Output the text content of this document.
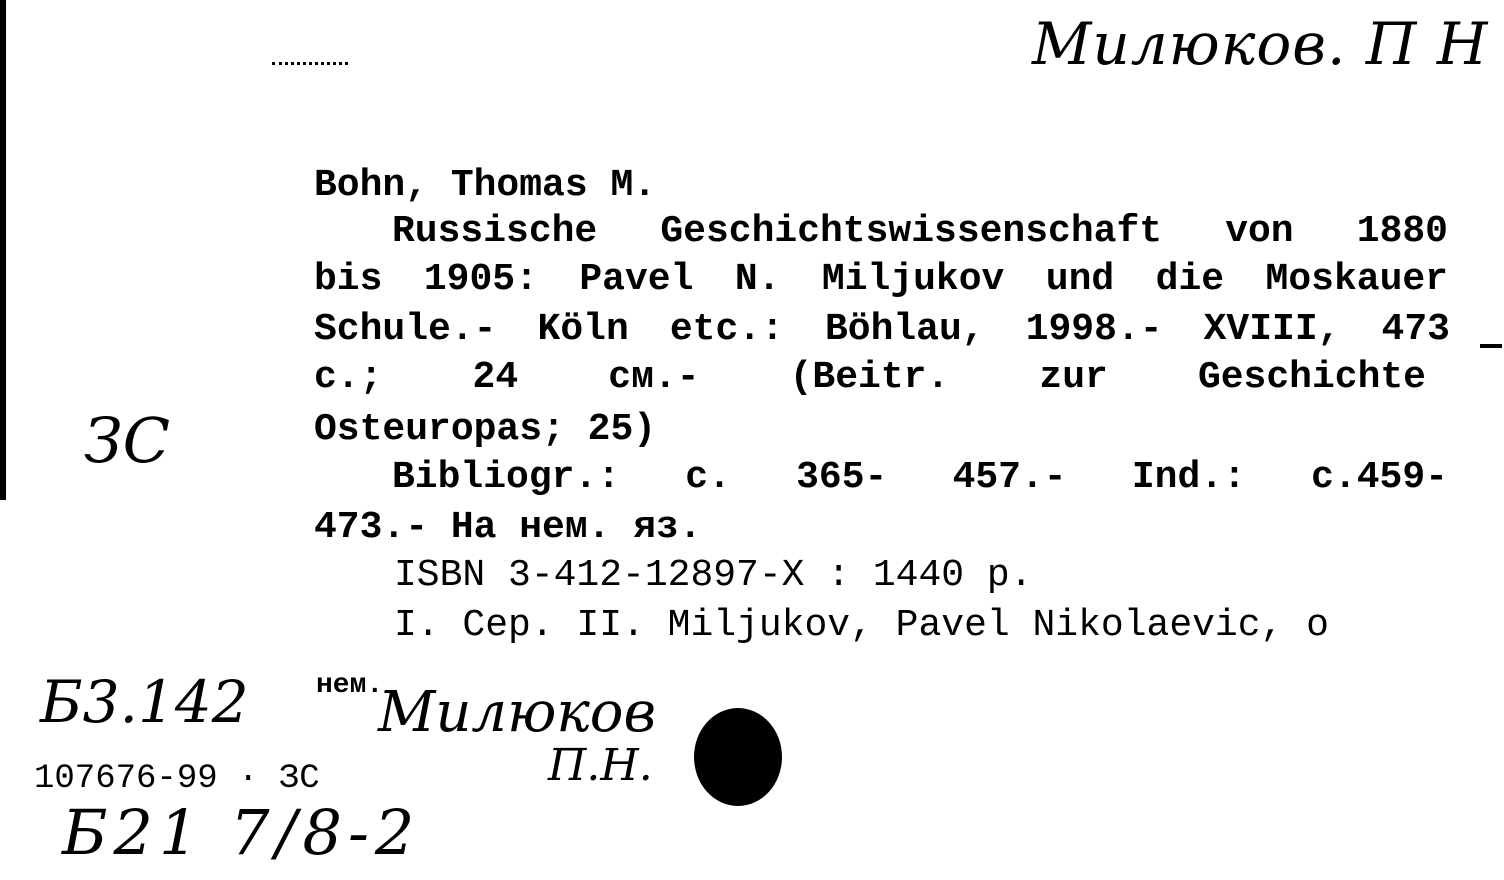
Милюков. П Н
ЗС
Bohn, Thomas M.
Russische Geschichtswissenschaft von 1880
bis 1905: Pavel N. Miljukov und die Moskauer
Schule.- Köln etc.: Böhlau, 1998.- XVIII, 473
c.; 24 см.- (Beitr. zur Geschichte
Osteuropas; 25)
Bibliogr.: c. 365- 457.- Ind.: c.459-
473.- На нем. яз.
ISBN 3-412-12897-X : 1440 p.
I. Сер. II. Miljukov, Pavel Nikolaevic, o
Б3.142 нем.
Милюков
П.Н.
107676-99 · ЗС
Б21 7/8-2
